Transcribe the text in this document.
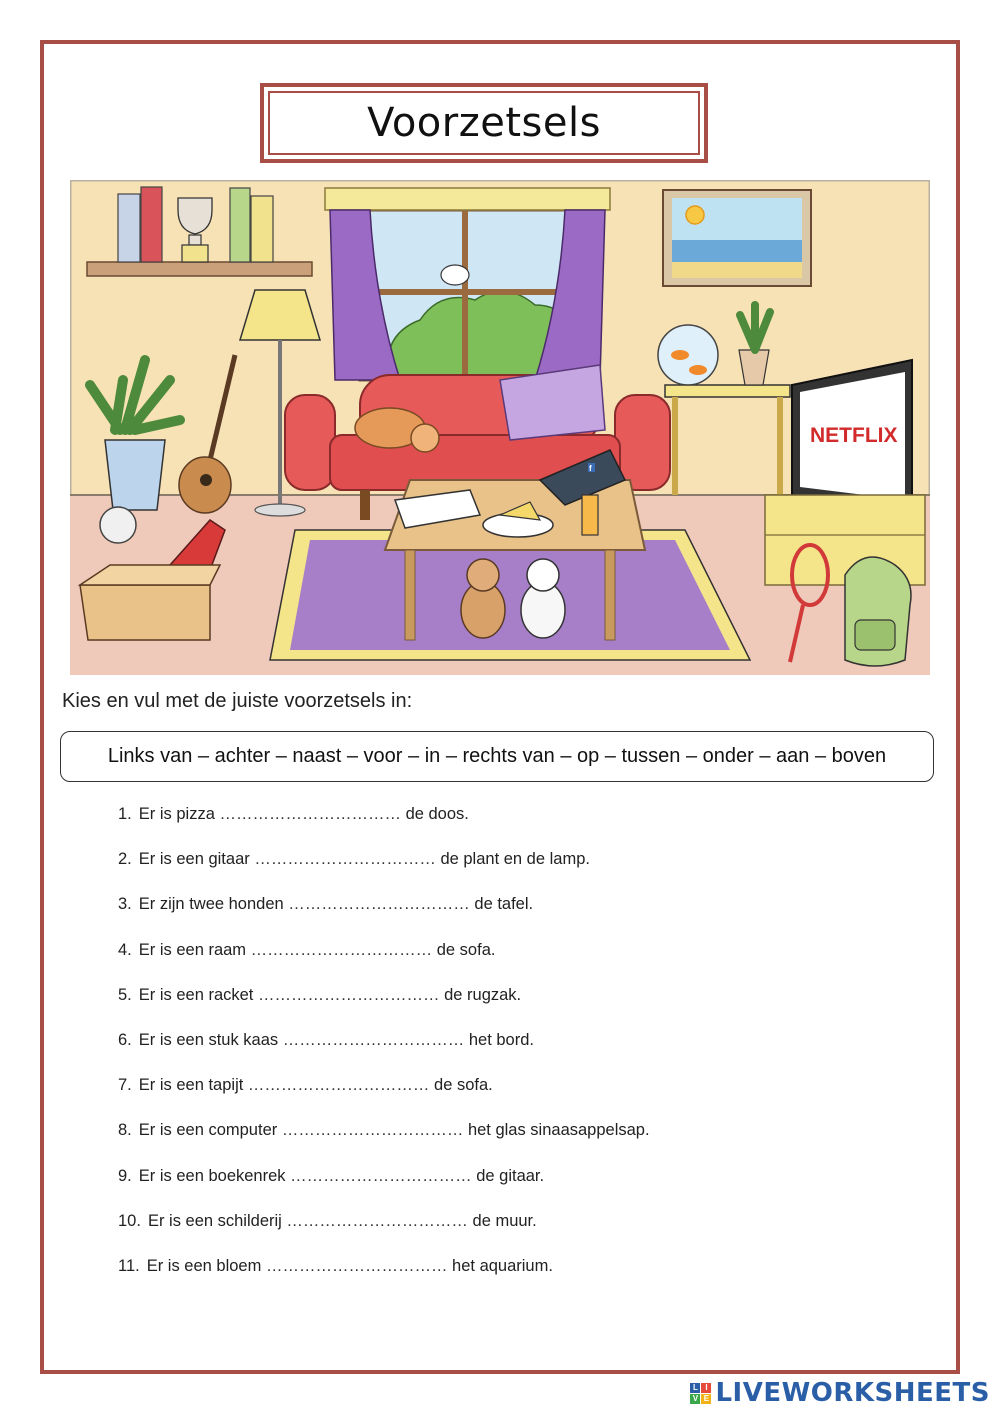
Voorzetsels
NETFLIX
f
Kies en vul met de juiste voorzetsels in:
Links van – achter – naast – voor – in – rechts van – op – tussen – onder – aan – boven
1. Er is pizza …………………………… de doos.
2. Er is een gitaar …………………………… de plant en de lamp.
3. Er zijn twee honden …………………………… de tafel.
4. Er is een raam …………………………… de sofa.
5. Er is een racket …………………………… de rugzak.
6. Er is een stuk kaas …………………………… het bord.
7. Er is een tapijt …………………………… de sofa.
8. Er is een computer …………………………… het glas sinaasappelsap.
9. Er is een boekenrek …………………………… de gitaar.
10. Er is een schilderij …………………………… de muur.
11. Er is een bloem …………………………… het aquarium.
L I
V E LIVEWORKSHEETS
